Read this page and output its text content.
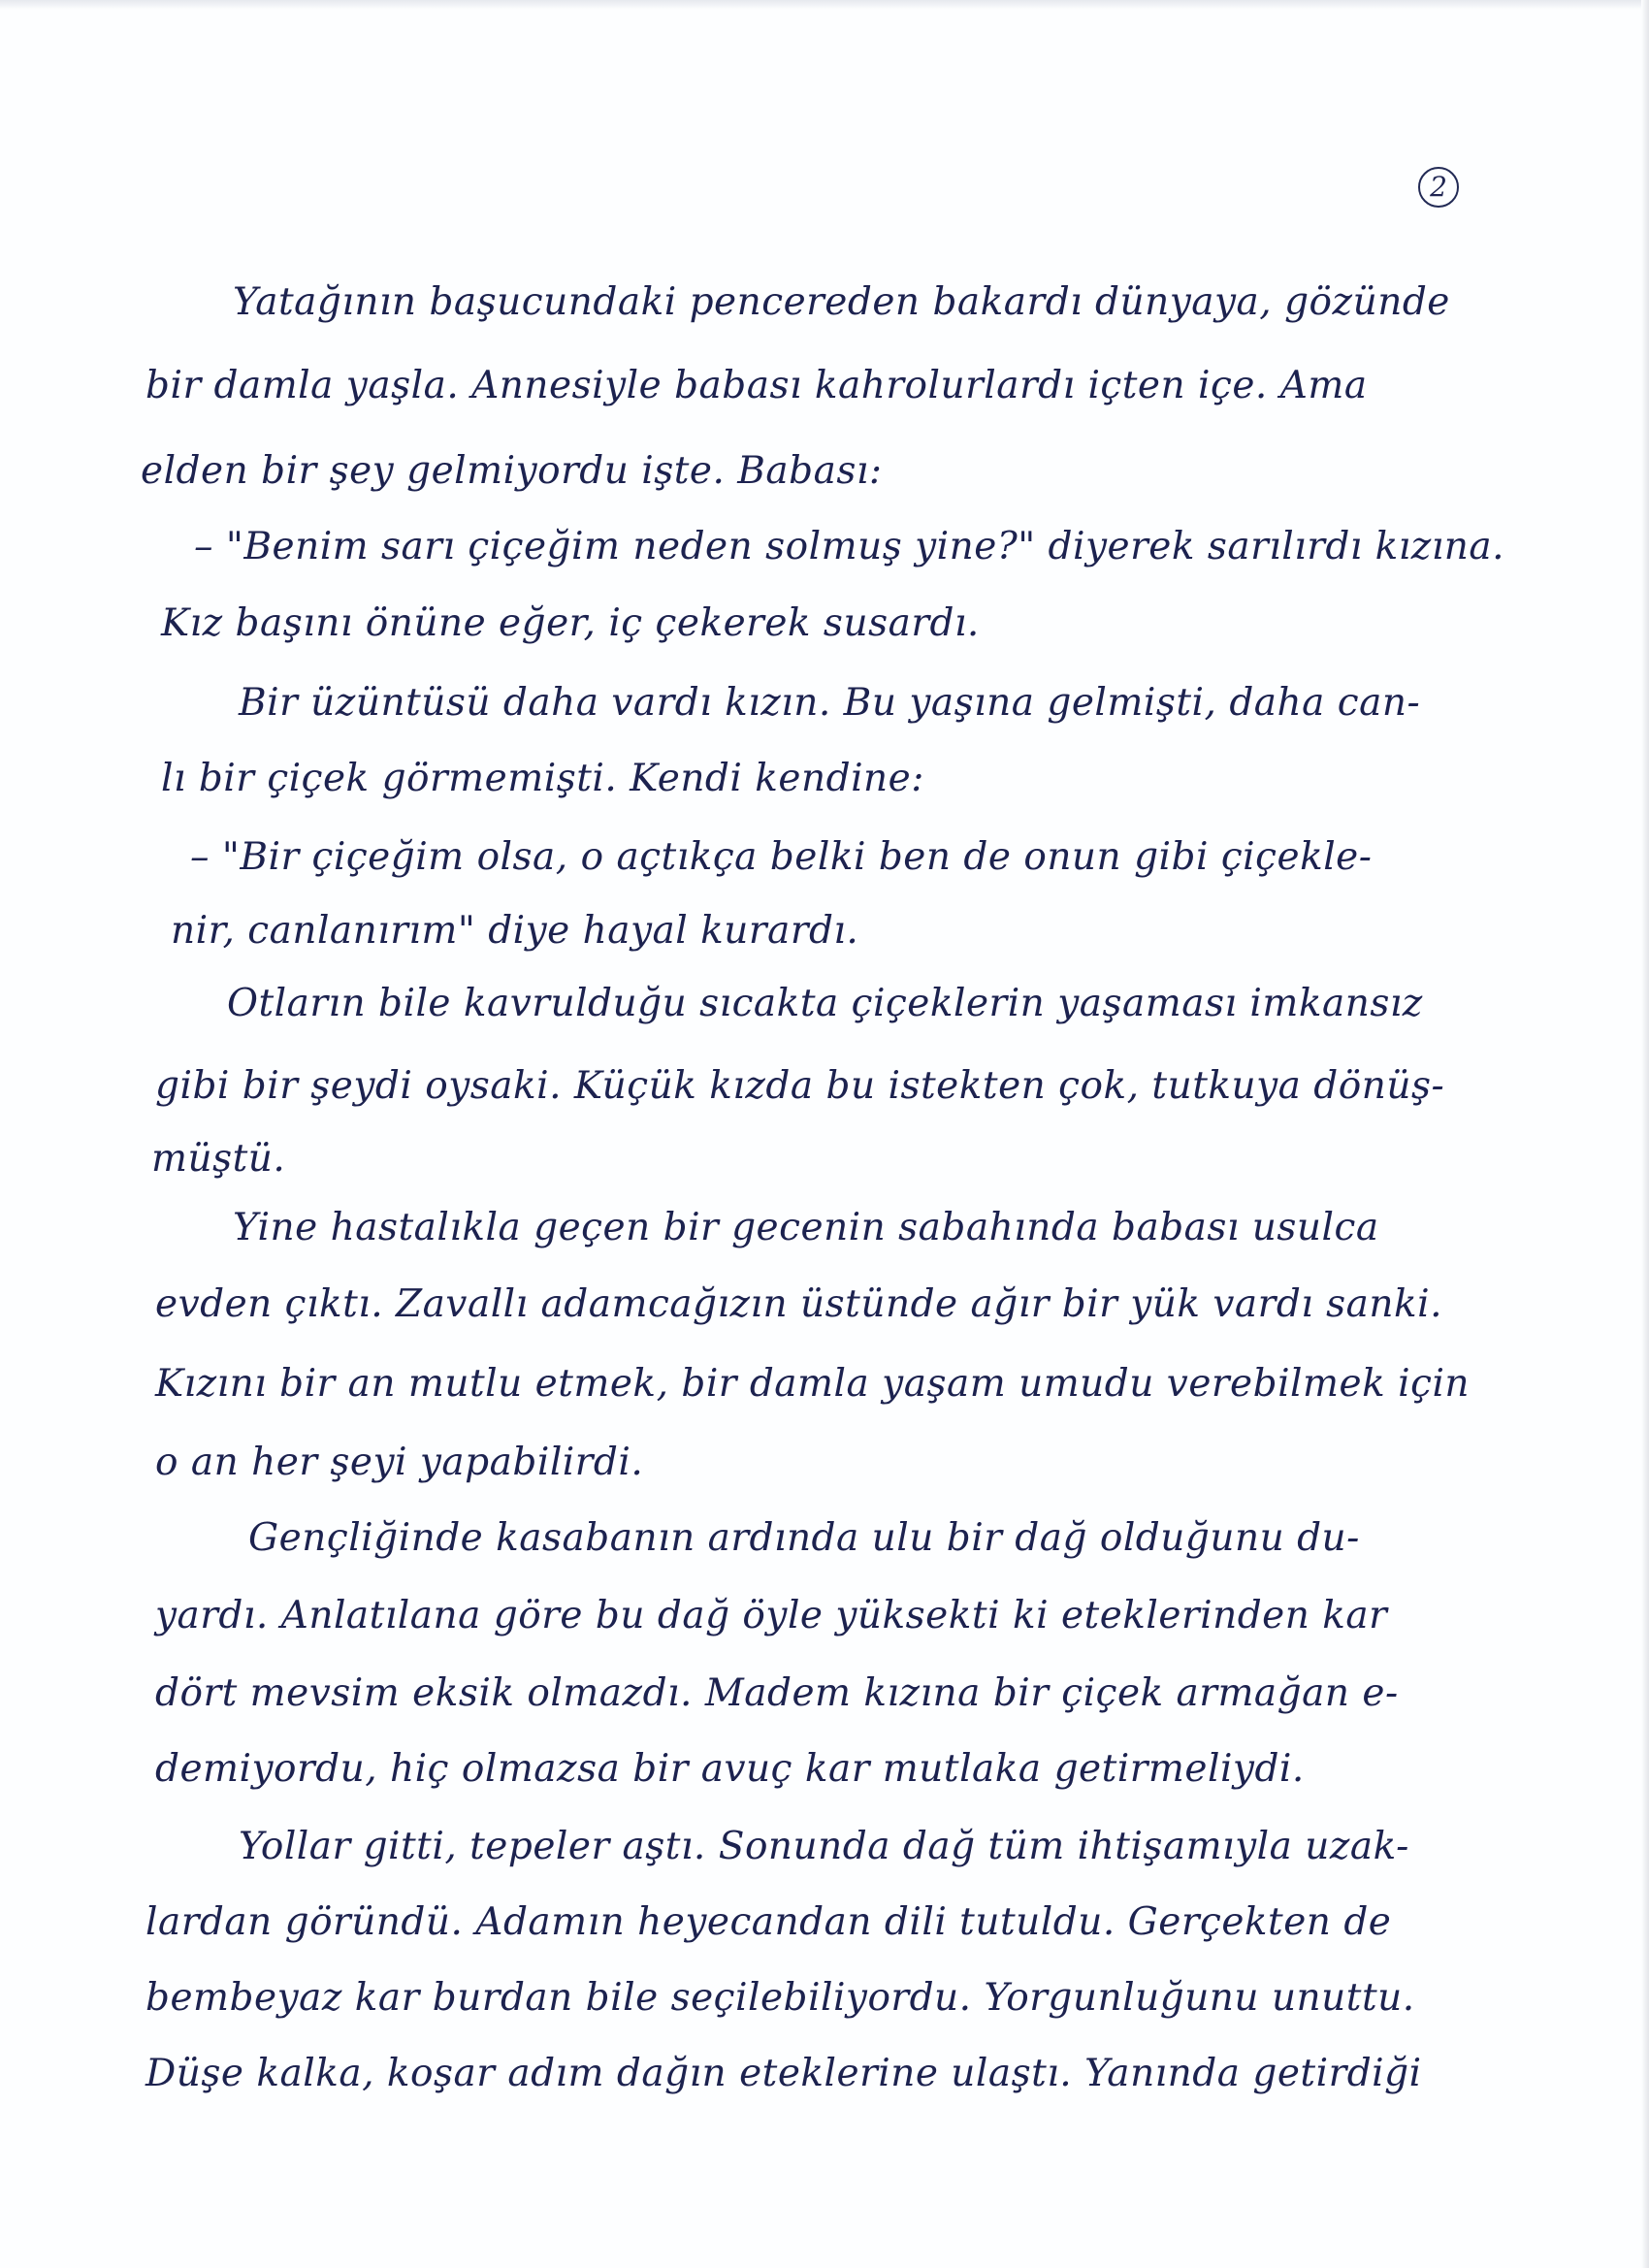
2
Yatağının başucundaki pencereden bakardı dünyaya, gözünde
bir damla yaşla. Annesiyle babası kahrolurlardı içten içe. Ama
elden bir şey gelmiyordu işte. Babası:
– "Benim sarı çiçeğim neden solmuş yine?" diyerek sarılırdı kızına.
Kız başını önüne eğer, iç çekerek susardı.
Bir üzüntüsü daha vardı kızın. Bu yaşına gelmişti, daha can-
lı bir çiçek görmemişti. Kendi kendine:
– "Bir çiçeğim olsa, o açtıkça belki ben de onun gibi çiçekle-
nir, canlanırım" diye hayal kurardı.
Otların bile kavrulduğu sıcakta çiçeklerin yaşaması imkansız
gibi bir şeydi oysaki. Küçük kızda bu istekten çok, tutkuya dönüş-
müştü.
Yine hastalıkla geçen bir gecenin sabahında babası usulca
evden çıktı. Zavallı adamcağızın üstünde ağır bir yük vardı sanki.
Kızını bir an mutlu etmek, bir damla yaşam umudu verebilmek için
o an her şeyi yapabilirdi.
Gençliğinde kasabanın ardında ulu bir dağ olduğunu du-
yardı. Anlatılana göre bu dağ öyle yüksekti ki eteklerinden kar
dört mevsim eksik olmazdı. Madem kızına bir çiçek armağan e-
demiyordu, hiç olmazsa bir avuç kar mutlaka getirmeliydi.
Yollar gitti, tepeler aştı. Sonunda dağ tüm ihtişamıyla uzak-
lardan göründü. Adamın heyecandan dili tutuldu. Gerçekten de
bembeyaz kar burdan bile seçilebiliyordu. Yorgunluğunu unuttu.
Düşe kalka, koşar adım dağın eteklerine ulaştı. Yanında getirdiği
